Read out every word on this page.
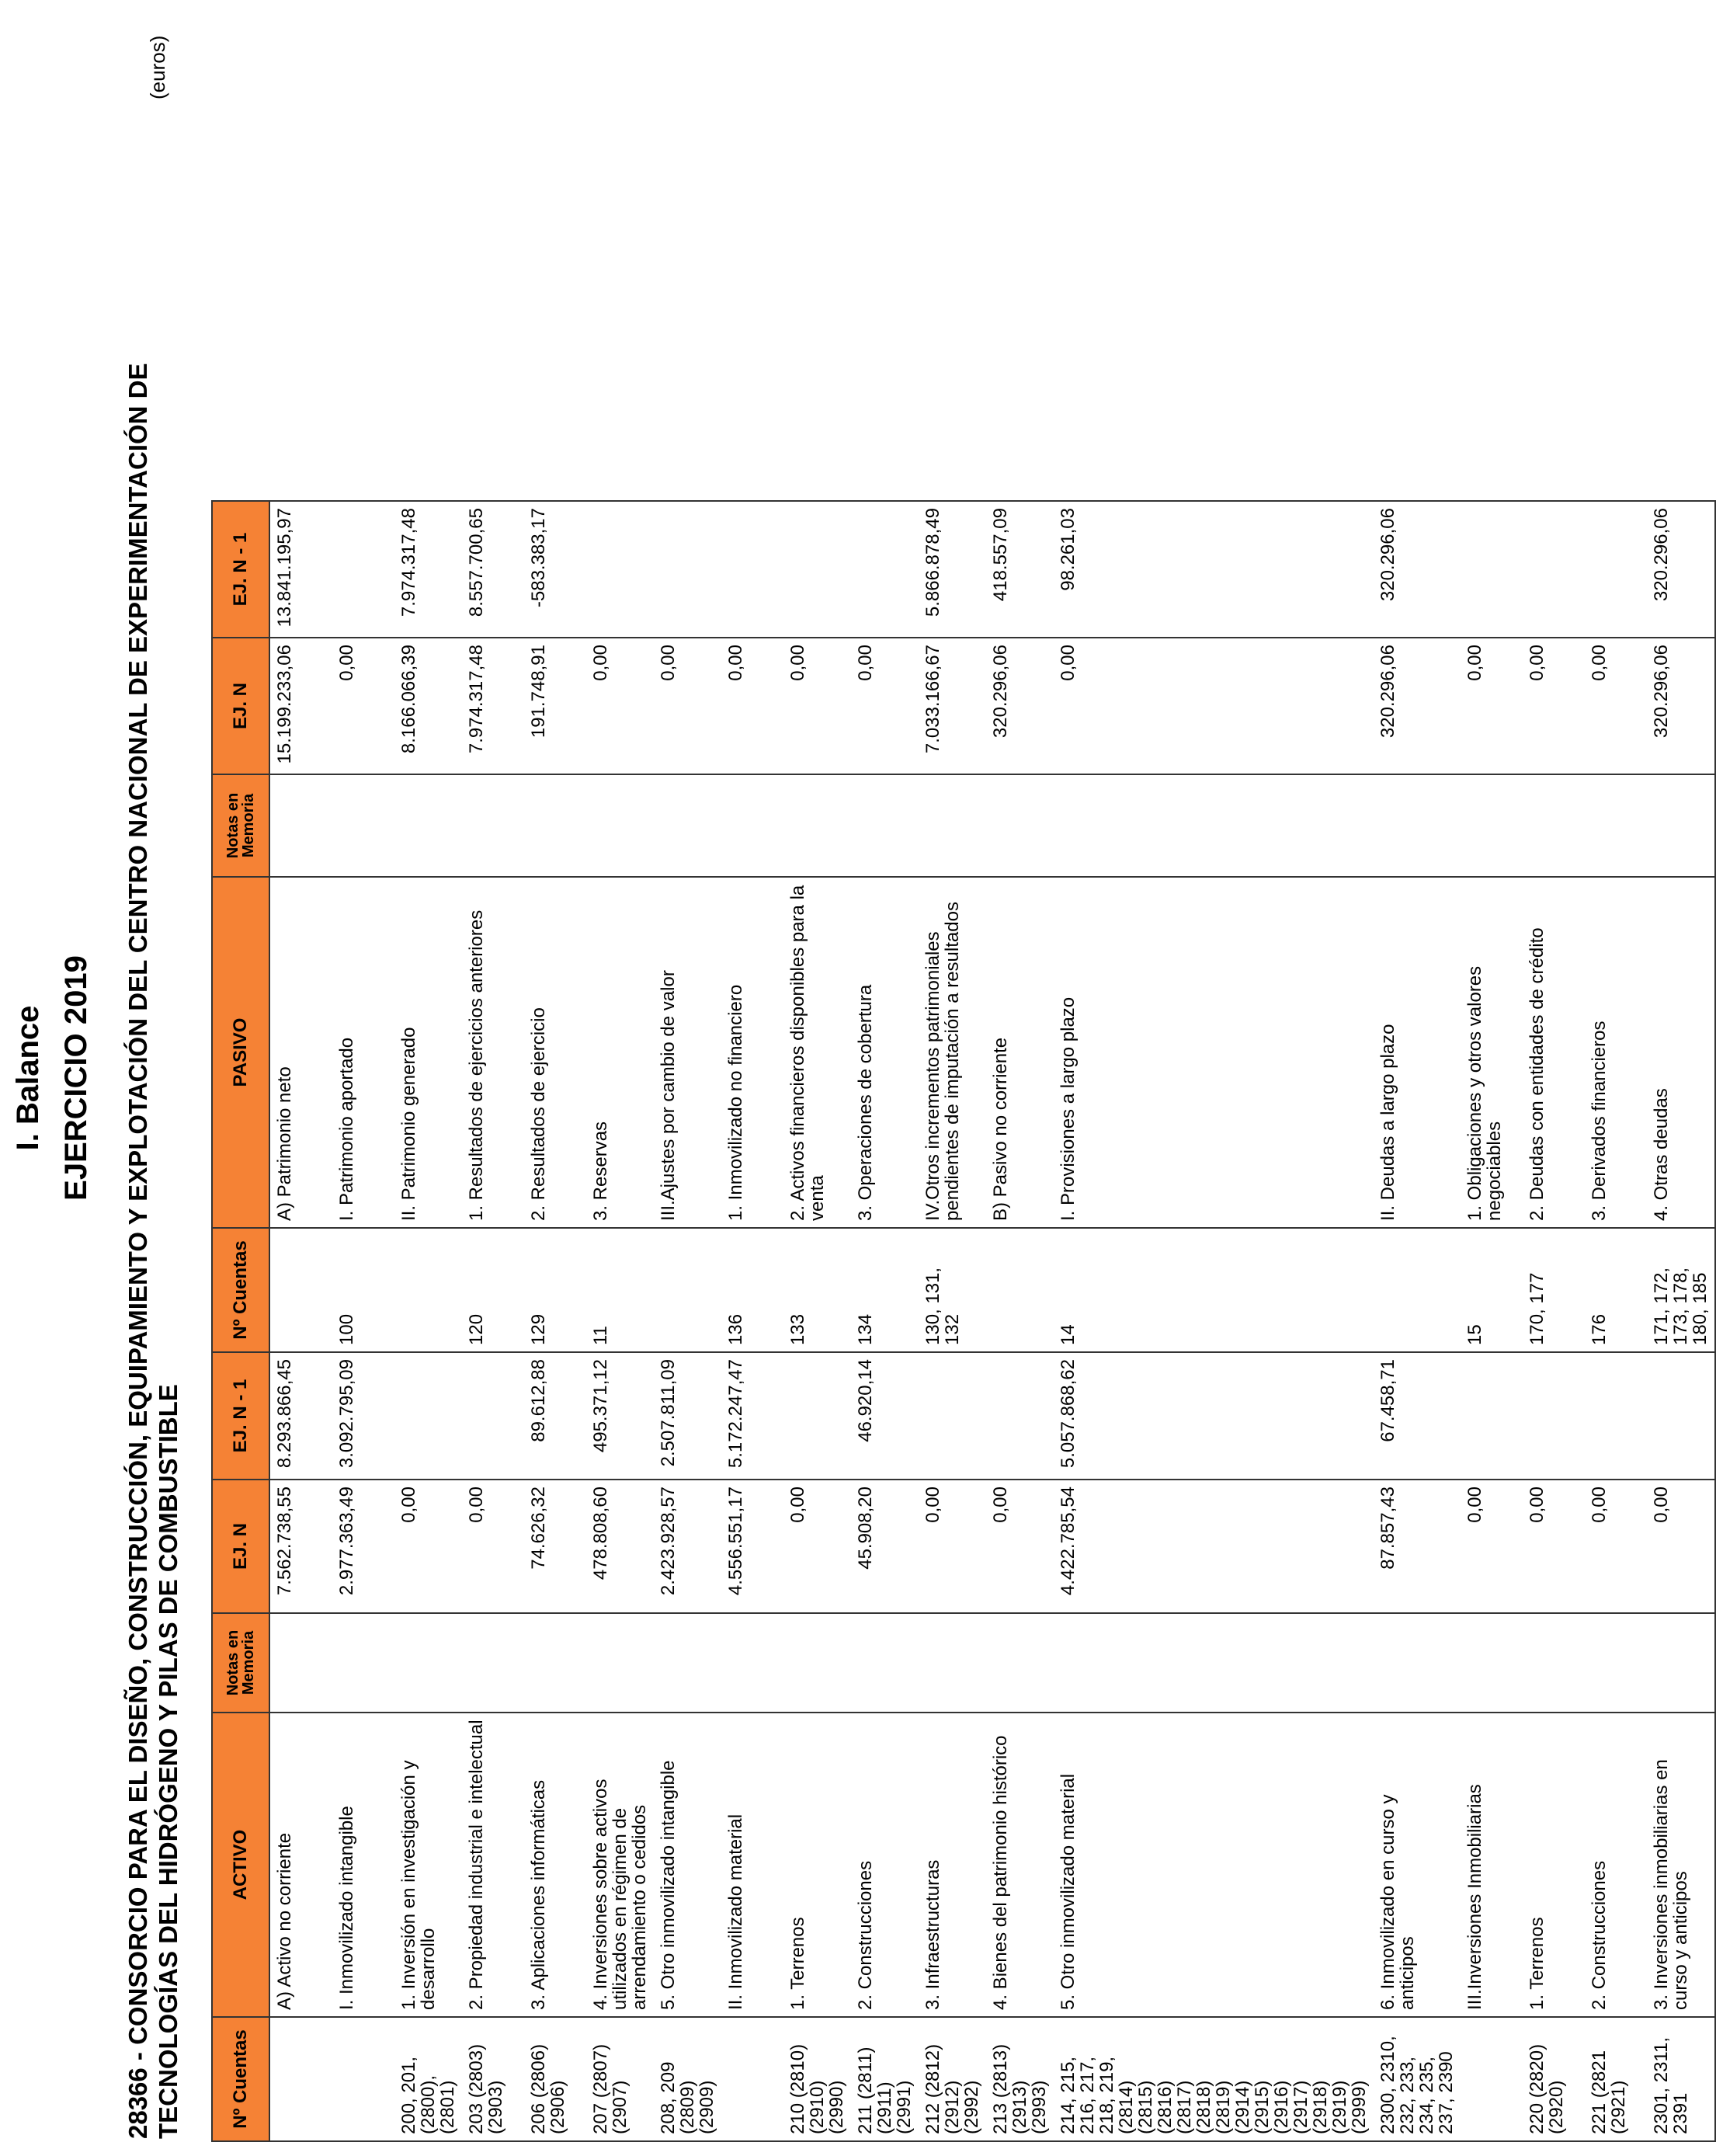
I. Balance EJERCICIO 2019 28366 - CONSORCIO PARA EL DISEÑO, CONSTRUCCIÓN, EQUIPAMIENTO Y EXPLOTACIÓN DEL CENTRO NACIONAL DE EXPERIMENTACIÓN DE TECNOLOGÍAS DEL HIDRÓGENO Y PILAS DE COMBUSTIBLE
(euros)
Nº Cuentas	ACTIVO	Notas en Memoria	EJ. N	EJ. N - 1	Nº Cuentas	PASIVO	Notas en Memoria	EJ. N	EJ. N - 1
	A) Activo no corriente		7.562.738,55	8.293.866,45		A) Patrimonio neto		15.199.233,06	13.841.195,97
	I. Inmovilizado intangible		2.977.363,49	3.092.795,09	100	I. Patrimonio aportado		0,00	
200, 201, (2800), (2801)	1. Inversión en investigación y desarrollo		0,00			II. Patrimonio generado		8.166.066,39	7.974.317,48
203 (2803) (2903)	2. Propiedad industrial e intelectual		0,00		120	1. Resultados de ejercicios anteriores		7.974.317,48	8.557.700,65
206 (2806) (2906)	3. Aplicaciones informáticas		74.626,32	89.612,88	129	2. Resultados de ejercicio		191.748,91	-583.383,17
207 (2807) (2907)	4. Inversiones sobre activos utilizados en régimen de arrendamiento o cedidos		478.808,60	495.371,12	11	3. Reservas		0,00	
208, 209 (2809) (2909)	5. Otro inmovilizado intangible		2.423.928,57	2.507.811,09		III.Ajustes por cambio de valor		0,00	
	II. Inmovilizado material		4.556.551,17	5.172.247,47	136	1. Inmovilizado no financiero		0,00	
210 (2810) (2910) (2990)	1. Terrenos		0,00		133	2. Activos financieros disponibles para la venta		0,00	
211 (2811) (2911) (2991)	2. Construcciones		45.908,20	46.920,14	134	3. Operaciones de cobertura		0,00	
212 (2812) (2912) (2992)	3. Infraestructuras		0,00		130, 131, 132	IV.Otros incrementos patrimoniales pendientes de imputación a resultados		7.033.166,67	5.866.878,49
213 (2813) (2913) (2993)	4. Bienes del patrimonio histórico		0,00			B) Pasivo no corriente		320.296,06	418.557,09
214, 215, 216, 217, 218, 219, (2814) (2815) (2816) (2817) (2818) (2819) (2914) (2915) (2916) (2917) (2918) (2919) (2999)	5. Otro inmovilizado material		4.422.785,54	5.057.868,62	14	I. Provisiones a largo plazo		0,00	98.261,03
2300, 2310, 232, 233, 234, 235, 237, 2390	6. Inmovilizado en curso y anticipos		87.857,43	67.458,71		II. Deudas a largo plazo		320.296,06	320.296,06
	III.Inversiones Inmobiliarias		0,00		15	1. Obligaciones y otros valores negociables		0,00	
220 (2820) (2920)	1. Terrenos		0,00		170, 177	2. Deudas con entidades de crédito		0,00	
221 (2821 (2921)	2. Construcciones		0,00		176	3. Derivados financieros		0,00	
2301, 2311, 2391	3. Inversiones inmobiliarias en curso y anticipos		0,00		171, 172, 173, 178, 180, 185	4. Otras deudas		320.296,06	320.296,06
